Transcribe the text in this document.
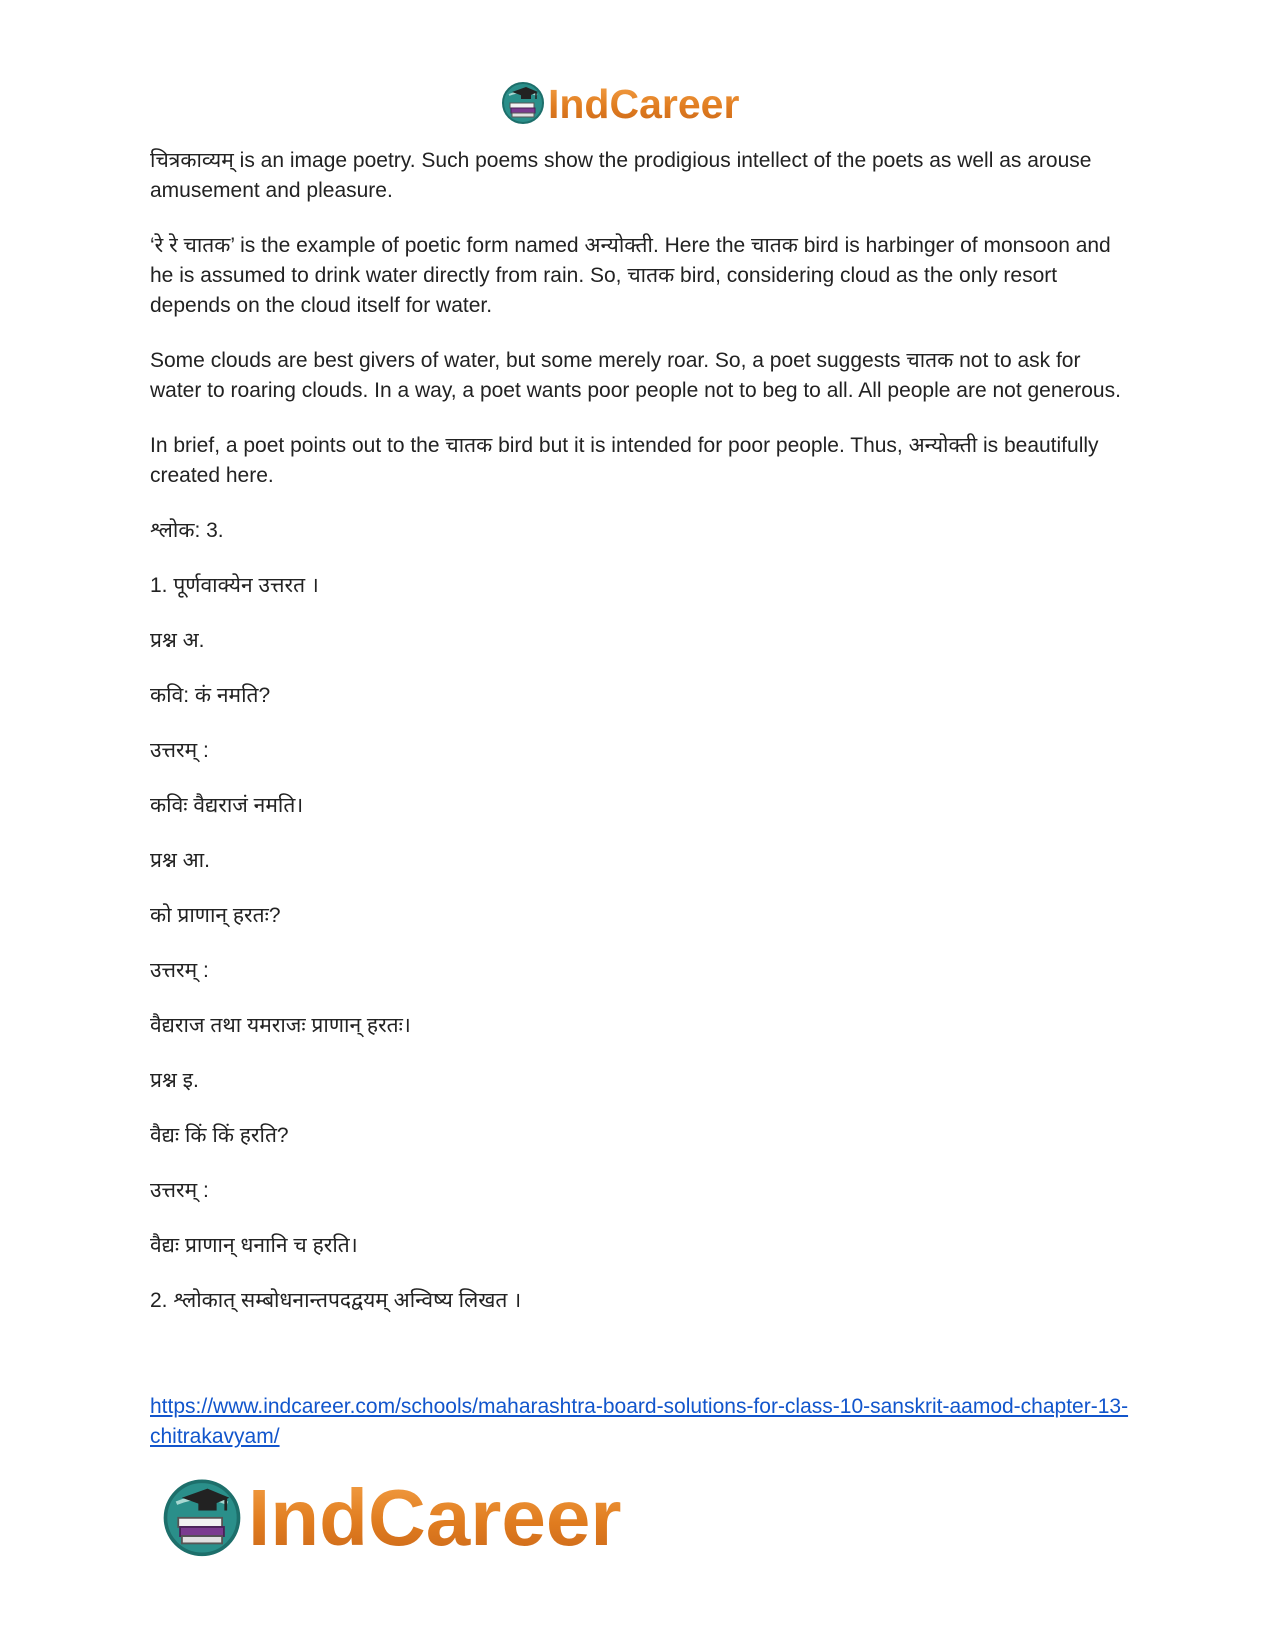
IndCareer

चित्रकाव्यम् is an image poetry. Such poems show the prodigious intellect of the poets as well as arouse amusement and pleasure.

‘रे रे चातक’ is the example of poetic form named अन्योक्ती. Here the चातक bird is harbinger of monsoon and he is assumed to drink water directly from rain. So, चातक bird, considering cloud as the only resort depends on the cloud itself for water.

Some clouds are best givers of water, but some merely roar. So, a poet suggests चातक not to ask for water to roaring clouds. In a way, a poet wants poor people not to beg to all. All people are not generous.

In brief, a poet points out to the चातक bird but it is intended for poor people. Thus, अन्योक्ती is beautifully created here.

श्लोक: 3.

1. पूर्णवाक्येन उत्तरत ।

प्रश्न अ.

कवि: कं नमति?

उत्तरम् :

कविः वैद्यराजं नमति।

प्रश्न आ.

को प्राणान् हरतः?

उत्तरम् :

वैद्यराज तथा यमराजः प्राणान् हरतः।

प्रश्न इ.

वैद्यः किं किं हरति?

उत्तरम् :

वैद्यः प्राणान् धनानि च हरति।

2. श्लोकात् सम्बोधनान्तपदद्वयम् अन्विष्य लिखत ।

https://www.indcareer.com/schools/maharashtra-board-solutions-for-class-10-sanskrit-aamod-chapter-13-chitrakavyam/
IndCareer
